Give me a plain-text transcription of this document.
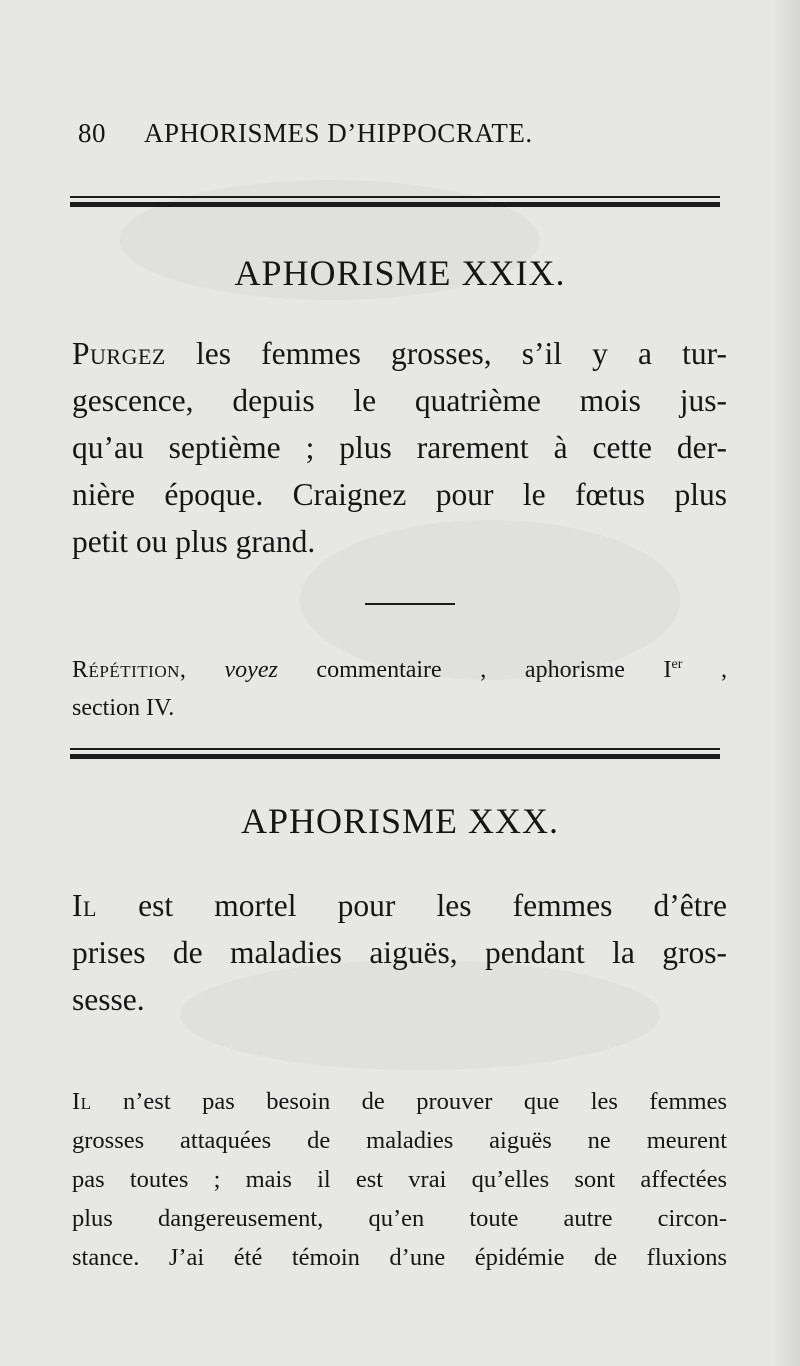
80 APHORISMES D’HIPPOCRATE.
APHORISME XXIX.
Purgez les femmes grosses, s’il y a tur-
gescence, depuis le quatrième mois jus-
qu’au septième ; plus rarement à cette der-
nière époque. Craignez pour le fœtus plus
petit ou plus grand.
Répétition, voyez commentaire , aphorisme Ier ,
section IV.
APHORISME XXX.
Il est mortel pour les femmes d’être
prises de maladies aiguës, pendant la gros-
sesse.
Il n’est pas besoin de prouver que les femmes
grosses attaquées de maladies aiguës ne meurent
pas toutes ; mais il est vrai qu’elles sont affectées
plus dangereusement, qu’en toute autre circon-
stance. J’ai été témoin d’une épidémie de fluxions
